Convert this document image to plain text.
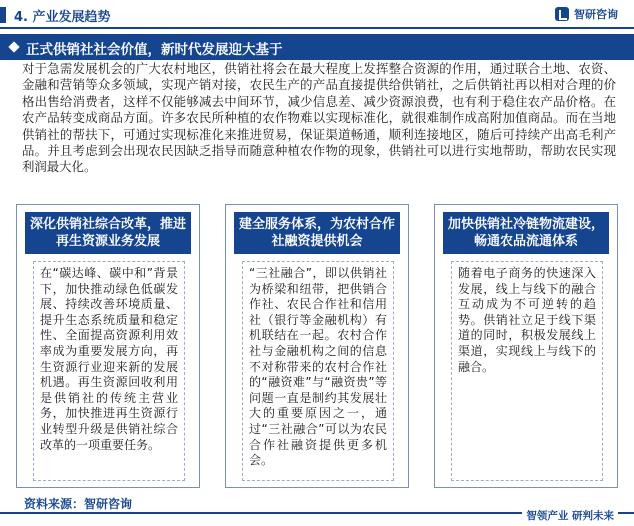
4. 产业发展趋势	智研咨询
正式供销社社会价值，新时代发展迎大基于

对于急需发展机会的广大农村地区，供销社将会在最大程度上发挥整合资源的作用，通过联合土地、农资、金融和营销等众多领域，实现产销对接，农民生产的产品直接提供给供销社，之后供销社再以相对合理的价格出售给消费者，这样不仅能够减去中间环节，减少信息差、减少资源浪费，也有利于稳住农产品价格。在农产品转变成商品方面。许多农民所种植的农作物难以实现标准化，就很难制作成高附加值商品。而在当地供销社的帮扶下，可通过实现标准化来推进贸易，保证渠道畅通，顺利连接地区，随后可持续产出高毛利产品。并且考虑到会出现农民因缺乏指导而随意种植农作物的现象，供销社可以进行实地帮助，帮助农民实现利润最大化。

深化供销社综合改革，推进再生资源业务发展
在“碳达峰、碳中和”背景下，加快推动绿色低碳发展、持续改善环境质量、提升生态系统质量和稳定性、全面提高资源利用效率成为重要发展方向，再生资源行业迎来新的发展机遇。再生资源回收利用是供销社的传统主营业务，加快推进再生资源行业转型升级是供销社综合改革的一项重要任务。
建全服务体系，为农村合作社融资提供机会
“三社融合”，即以供销社为桥梁和纽带，把供销合作社、农民合作社和信用社（银行等金融机构）有机联结在一起。农村合作社与金融机构之间的信息不对称带来的农村合作社的“融资难”与“融资贵”等问题一直是制约其发展壮大的重要原因之一，通过“三社融合”可以为农民合作社融资提供更多机会。
加快供销社冷链物流建设，畅通农品流通体系
随着电子商务的快速深入发展，线上与线下的融合互动成为不可逆转的趋势。供销社立足于线下渠道的同时，积极发展线上渠道，实现线上与线下的融合。
资料来源：智研咨询
智领产业 研判未来
